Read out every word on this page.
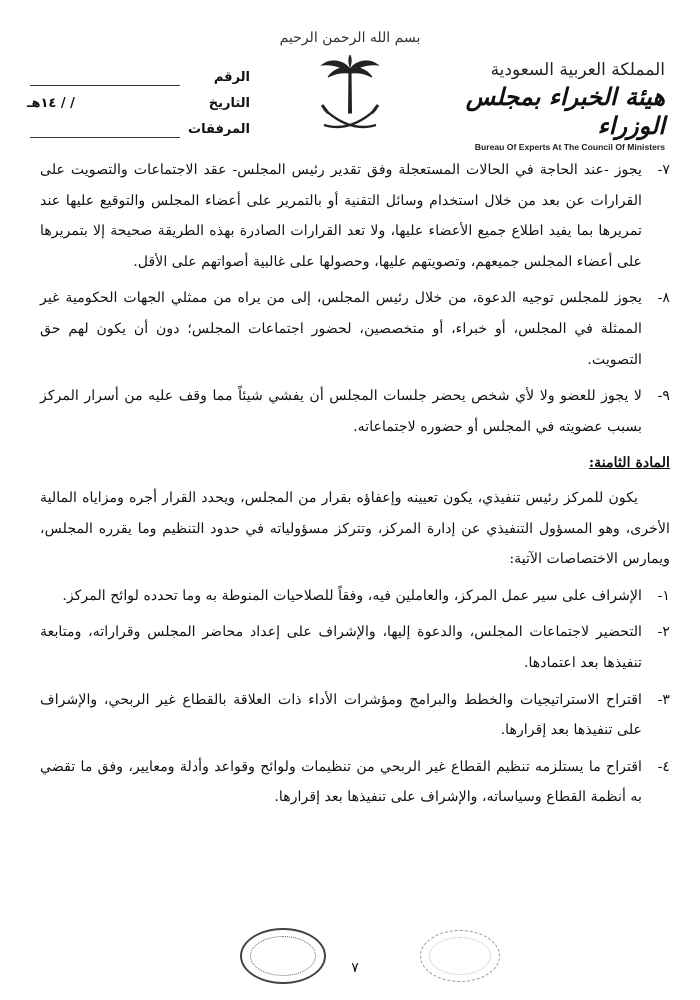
بسم الله الرحمن الرحيم
المملكة العربية السعودية
هيئة الخبراء بمجلس الوزراء
Bureau Of Experts At The Council Of Ministers
الرقم
التاريخ
/ / ١٤هـ
المرفقات
٧-
يجوز -عند الحاجة في الحالات المستعجلة وفق تقدير رئيس المجلس- عقد الاجتماعات والتصويت على القرارات عن بعد من خلال استخدام وسائل التقنية أو بالتمرير على أعضاء المجلس والتوقيع عليها عند تمريرها بما يفيد اطلاع جميع الأعضاء عليها، ولا تعد القرارات الصادرة بهذه الطريقة صحيحة إلا بتمريرها على أعضاء المجلس جميعهم، وتصويتهم عليها، وحصولها على غالبية أصواتهم على الأقل.
٨-
يجوز للمجلس توجيه الدعوة، من خلال رئيس المجلس، إلى من يراه من ممثلي الجهات الحكومية غير الممثلة في المجلس، أو خبراء، أو متخصصين، لحضور اجتماعات المجلس؛ دون أن يكون لهم حق التصويت.
٩-
لا يجوز للعضو ولا لأي شخص يحضر جلسات المجلس أن يفشي شيئاً مما وقف عليه من أسرار المركز بسبب عضويته في المجلس أو حضوره لاجتماعاته.
المادة الثامنة:
يكون للمركز رئيس تنفيذي، يكون تعيينه وإعفاؤه بقرار من المجلس، ويحدد القرار أجره ومزاياه المالية الأخرى، وهو المسؤول التنفيذي عن إدارة المركز، وتتركز مسؤولياته في حدود التنظيم وما يقرره المجلس، ويمارس الاختصاصات الآتية:
١-
الإشراف على سير عمل المركز، والعاملين فيه، وفقاً للصلاحيات المنوطة به وما تحدده لوائح المركز.
٢-
التحضير لاجتماعات المجلس، والدعوة إليها، والإشراف على إعداد محاضر المجلس وقراراته، ومتابعة تنفيذها بعد اعتمادها.
٣-
اقتراح الاستراتيجيات والخطط والبرامج ومؤشرات الأداء ذات العلاقة بالقطاع غير الربحي، والإشراف على تنفيذها بعد إقرارها.
٤-
اقتراح ما يستلزمه تنظيم القطاع غير الربحي من تنظيمات ولوائح وقواعد وأدلة ومعايير، وفق ما تقضي به أنظمة القطاع وسياساته، والإشراف على تنفيذها بعد إقرارها.
٧
